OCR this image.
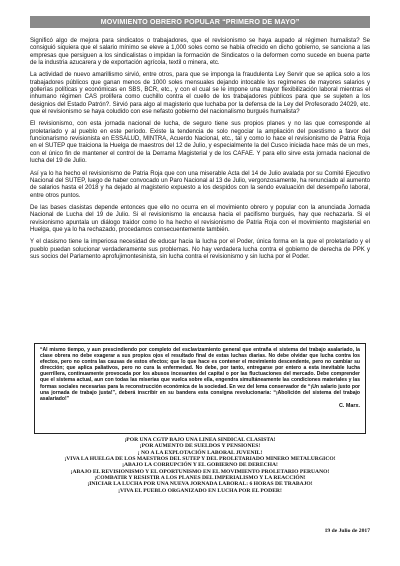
MOVIMIENTO OBRERO POPULAR “PRIMERO DE MAYO”

Significó algo de mejora para sindicatos o trabajadores, que el revisionismo se haya aupado al régimen humalista? Se consiguió siquiera que el salario mínimo se eleve a 1,000 soles como se había ofrecido en dicho gobierno, se sanciona a las empresas que persiguen a los sindicalistas o impidan la formación de Sindicatos o la deformen como sucede en buena parte de la industria azucarera y de exportación agrícola, textil o minera, etc.

La actividad de nuevo amarillismo sirvió, entre otros, para que se imponga la fraudulenta Ley Servir que se aplica solo a los trabajadores públicos que ganan menos de 1000 soles mensuales dejando intocable los regímenes de mayores salarios y gollerías políticas y económicas en SBS, BCR, etc., y con el cual se le impone una mayor flexibilización laboral mientras el inhumano régimen CAS prolifera como cuchillo contra el cuello de los trabajadores públicos para que se sujeten a los designios del Estado Patrón?. Sirvió para algo al magisterio que luchaba por la defensa de la Ley del Profesorado 24029, etc. que el revisionismo se haya coludido con ese nefasto gobierno del nacionalismo burgués humalista?

El revisionismo, con esta jornada nacional de lucha, de seguro tiene sus propios planes y no las que corresponde al proletariado y al pueblo en este período. Existe la tendencia de solo negociar la ampliación del puestismo a favor del funcionarismo revisionista en ESSALUD, MINTRA, Acuerdo Nacional, etc., tal y como lo hace el revisionismo de Patria Roja en el SUTEP que traiciona la Huelga de maestros del 12 de Julio, y especialmente la del Cusco iniciada hace más de un mes, con el único fin de mantener el control de la Derrama Magisterial y de los CAFAE. Y para ello sirve esta jornada nacional de lucha del 19 de Julio.

Así ya lo ha hecho el revisionismo de Patria Roja que con una miserable Acta del 14 de Julio avalada por su Comité Ejecutivo Nacional del SUTEP, luego de haber convocado un Paro Nacional al 13 de Julio, vergonzosamente, ha renunciado al aumento de salarios hasta el 2018 y ha dejado al magisterio expuesto a los despidos con la sendo evaluación del desempeño laboral, entre otros puntos.

De las bases clasistas depende entonces que ello no ocurra en el movimiento obrero y popular con la anunciada Jornada Nacional de Lucha del 19 de Julio. Si el revisionismo la encausa hacia el pacifismo burgués, hay que rechazarla. Si el revisionismo apuntala un diálogo traidor como lo ha hecho el revisionismo de Patria Roja con el movimiento magisterial en Huelga, que ya lo ha rechazado, procedamos consecuentemente también.

Y el clasismo tiene la imperiosa necesidad de educar hacia la lucha por el Poder, única forma en la que el proletariado y el pueblo puedan solucionar verdaderamente sus problemas. No hay verdadera lucha contra el gobierno de derecha de PPK y sus socios del Parlamento aprofujimontesinista, sin lucha contra el revisionismo y sin lucha por el Poder.

“Al mismo tiempo, y aun prescindiendo por completo del esclavizamiento general que entraña el sistema del trabajo asalariado, la clase obrera no debe exagerar a sus propios ojos el resultado final de estas luchas diarias. No debe olvidar que lucha contra los efectos, pero no contra las causas de estos efectos; que lo que hace es contener el movimiento descendente, pero no cambiar su dirección; que aplica paliativos, pero no cura la enfermedad. No debe, por tanto, entregarse por entero a esta inevitable lucha guerrillera, continuamente provocada por los abusos incesantes del capital o por las fluctuaciones del mercado. Debe comprender que el sistema actual, aun con todas las miserias que vuelca sobre ella, engendra simultáneamente las condiciones materiales y las formas sociales necesarias para la reconstrucción económica de la sociedad. En vez del lema conservador de “¡Un salario justo por una jornada de trabajo justa!”, deberá inscribir en su bandera esta consigna revolucionaria: “¡Abolición del sistema del trabajo asalariado!”
C. Marx.
¡POR UNA CGTP BAJO UNA LINEA SINDICAL CLASISTA!
¡POR AUMENTO DE SUELDOS Y PENSIONES!
¡ NO A LA EXPLOTACIÓN LABORAL JUVENIL!
¡VIVA LA HUELGA DE LOS MAESTROS DEL SUTEP Y DEL PROLETARIADO MINERO METALURGICO!
¡ABAJO LA CORRUPCIÓN Y EL GOBIERNO DE DERECHA!
¡ABAJO EL REVISIONISMO Y EL OPORTUNISMO EN EL MOVIMIENTO PROLETARIO PERUANO!
¡COMBATIR Y RESISTIR A LOS PLANES DEL IMPERIALISMO Y LA REACCIÓN!
¡INICIAR LA LUCHA POR UNA NUEVA JORNADA LABORAL: 6 HORAS DE TRABAJO!
¡VIVA EL PUEBLO ORGANIZADO EN LUCHA POR EL PODER!
19 de Julio de 2017
